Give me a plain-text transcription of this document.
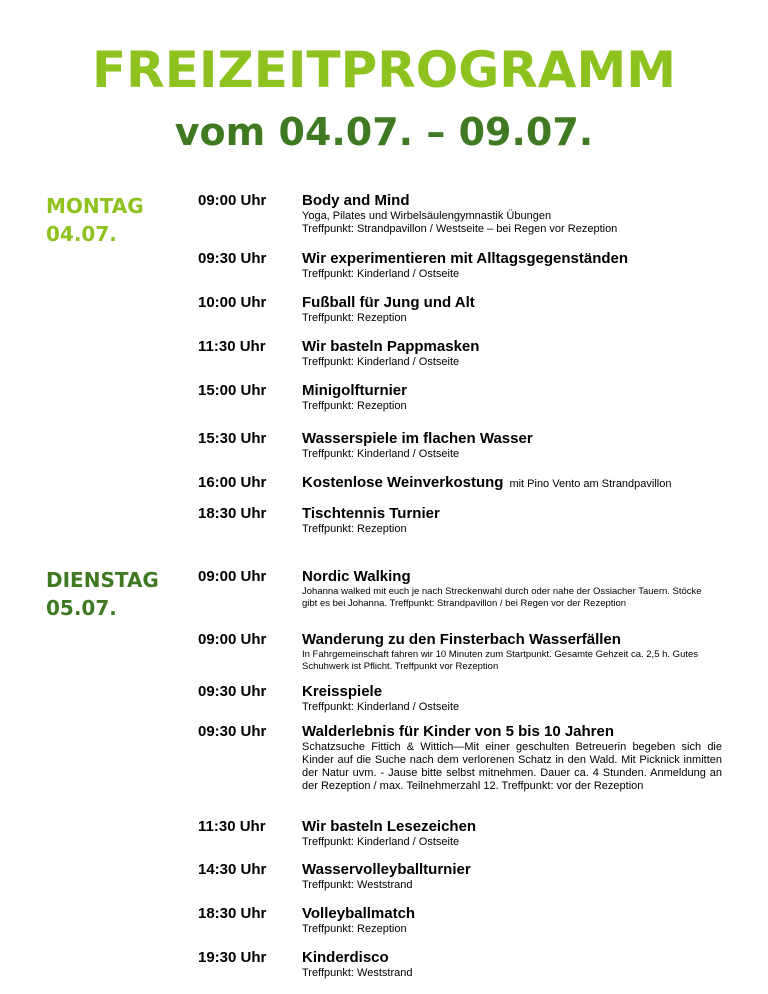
FREIZEITPROGRAMM
vom 04.07. – 09.07.
MONTAG
04.07.
09:00 Uhr	Body and Mind
Yoga, Pilates und Wirbelsäulengymnastik Übungen
Treffpunkt: Strandpavillon / Westseite – bei Regen vor Rezeption
09:30 Uhr	Wir experimentieren mit Alltagsgegenständen
Treffpunkt: Kinderland / Ostseite
10:00 Uhr	Fußball für Jung und Alt
Treffpunkt: Rezeption
11:30 Uhr	Wir basteln Pappmasken
Treffpunkt: Kinderland / Ostseite
15:00 Uhr	Minigolfturnier
Treffpunkt: Rezeption
15:30 Uhr	Wasserspiele im flachen Wasser
Treffpunkt: Kinderland / Ostseite
16:00 Uhr	Kostenlose Weinverkostung mit Pino Vento am Strandpavillon
18:30 Uhr	Tischtennis Turnier
Treffpunkt: Rezeption
DIENSTAG
05.07.
09:00 Uhr	Nordic Walking
Johanna walked mit euch je nach Streckenwahl durch oder nahe der Ossiacher Tauern. Stöcke gibt es bei Johanna. Treffpunkt: Strandpavillon / bei Regen vor der Rezeption
09:00 Uhr	Wanderung zu den Finsterbach Wasserfällen
In Fahrgemeinschaft fahren wir 10 Minuten zum Startpunkt. Gesamte Gehzeit ca. 2,5 h. Gutes Schuhwerk ist Pflicht. Treffpunkt vor Rezeption
09:30 Uhr	Kreisspiele
Treffpunkt: Kinderland / Ostseite
09:30 Uhr	Walderlebnis für Kinder von 5 bis 10 Jahren
Schatzsuche Fittich & Wittich—Mit einer geschulten Betreuerin begeben sich die Kinder auf die Suche nach dem verlorenen Schatz in den Wald. Mit Picknick inmitten der Natur uvm. - Jause bitte selbst mitnehmen. Dauer ca. 4 Stunden. Anmeldung an der Rezeption / max. Teilnehmerzahl 12. Treffpunkt: vor der Rezeption
11:30 Uhr	Wir basteln Lesezeichen
Treffpunkt: Kinderland / Ostseite
14:30 Uhr	Wasservolleyballturnier
Treffpunkt: Weststrand
18:30 Uhr	Volleyballmatch
Treffpunkt: Rezeption
19:30 Uhr	Kinderdisco
Treffpunkt: Weststrand
